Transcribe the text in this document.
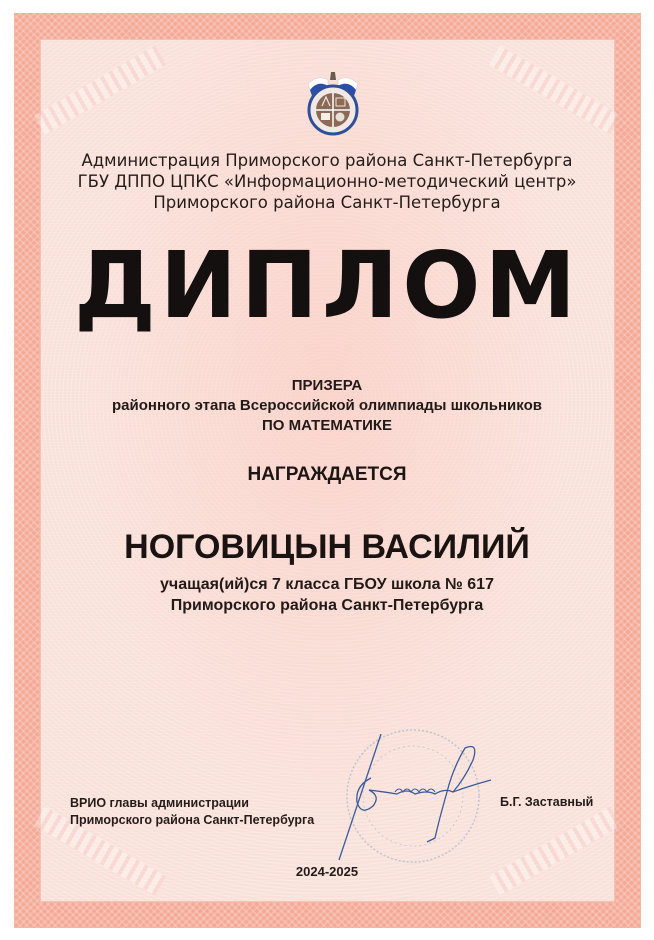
Администрация Приморского района Санкт-Петербурга
ГБУ ДППО ЦПКС «Информационно-методический центр»
Приморского района Санкт-Петербурга
ДИПЛОМ
ПРИЗЕРА
районного этапа Всероссийской олимпиады школьников
ПО МАТЕМАТИКЕ
НАГРАЖДАЕТСЯ
НОГОВИЦЫН ВАСИЛИЙ
учащая(ий)ся 7 класса ГБОУ школа № 617
Приморского района Санкт-Петербурга
ВРИО главы администрации
Приморского района Санкт-Петербурга
Б.Г. Заставный
2024-2025
